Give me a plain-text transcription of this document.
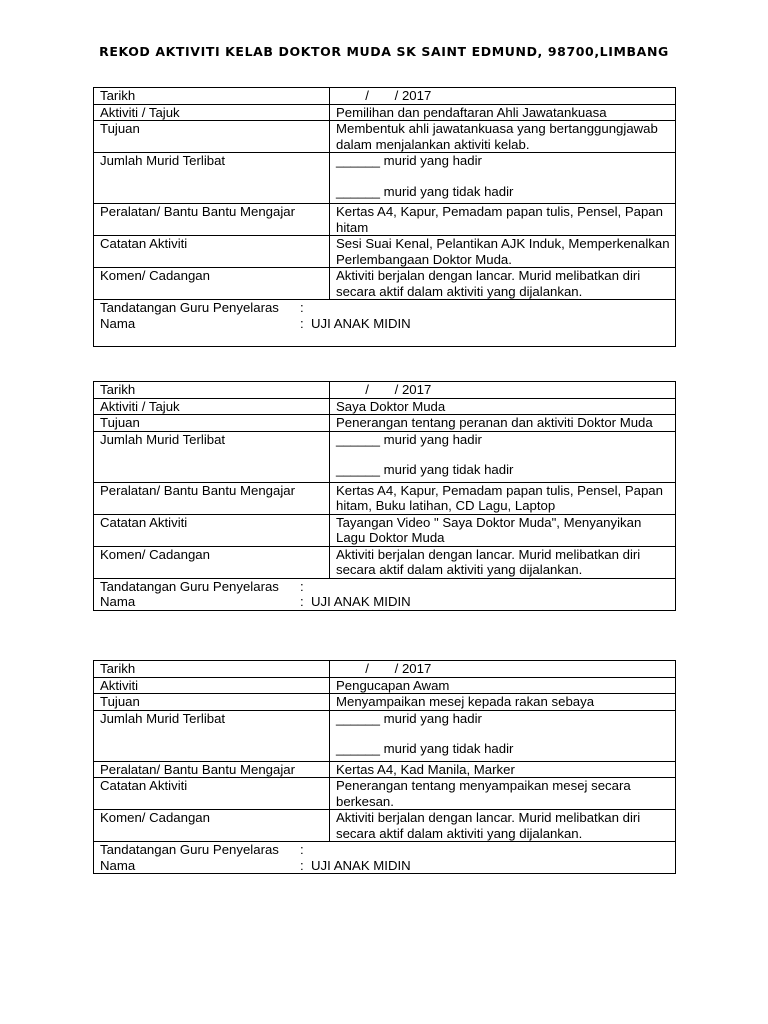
REKOD AKTIVITI KELAB DOKTOR MUDA SK SAINT EDMUND, 98700,LIMBANG
Tarikh	/       / 2017
Aktiviti / Tajuk	Pemilihan dan pendaftaran Ahli Jawatankuasa
Tujuan	Membentuk ahli jawatankuasa yang bertanggungjawab dalam menjalankan aktiviti kelab.
Jumlah Murid Terlibat	______ murid yang hadir
______ murid yang tidak hadir

Peralatan/ Bantu Bantu Mengajar	Kertas A4, Kapur, Pemadam papan tulis, Pensel, Papan hitam
Catatan Aktiviti	Sesi Suai Kenal, Pelantikan AJK Induk, Memperkenalkan Perlembangaan Doktor Muda.
Komen/ Cadangan	Aktiviti berjalan dengan lancar. Murid melibatkan diri secara aktif dalam aktiviti yang dijalankan.

Tandatangan Guru Penyelaras :
Nama :  UJI ANAK MIDIN	
Tarikh	/       / 2017
Aktiviti / Tajuk	Saya Doktor Muda
Tujuan	Penerangan tentang peranan dan aktiviti Doktor Muda
Jumlah Murid Terlibat	______ murid yang hadir
______ murid yang tidak hadir

Peralatan/ Bantu Bantu Mengajar	Kertas A4, Kapur, Pemadam papan tulis, Pensel, Papan hitam, Buku latihan, CD Lagu, Laptop
Catatan Aktiviti	Tayangan Video " Saya Doktor Muda", Menyanyikan Lagu Doktor Muda
Komen/ Cadangan	Aktiviti berjalan dengan lancar. Murid melibatkan diri secara aktif dalam aktiviti yang dijalankan.

Tandatangan Guru Penyelaras :
Nama :  UJI ANAK MIDIN	
Tarikh	/       / 2017
Aktiviti	Pengucapan Awam
Tujuan	Menyampaikan mesej kepada rakan sebaya
Jumlah Murid Terlibat	______ murid yang hadir
______ murid yang tidak hadir

Peralatan/ Bantu Bantu Mengajar	Kertas A4, Kad Manila, Marker
Catatan Aktiviti	Penerangan tentang menyampaikan mesej secara berkesan.
Komen/ Cadangan	Aktiviti berjalan dengan lancar. Murid melibatkan diri secara aktif dalam aktiviti yang dijalankan.

Tandatangan Guru Penyelaras :
Nama :  UJI ANAK MIDIN	
